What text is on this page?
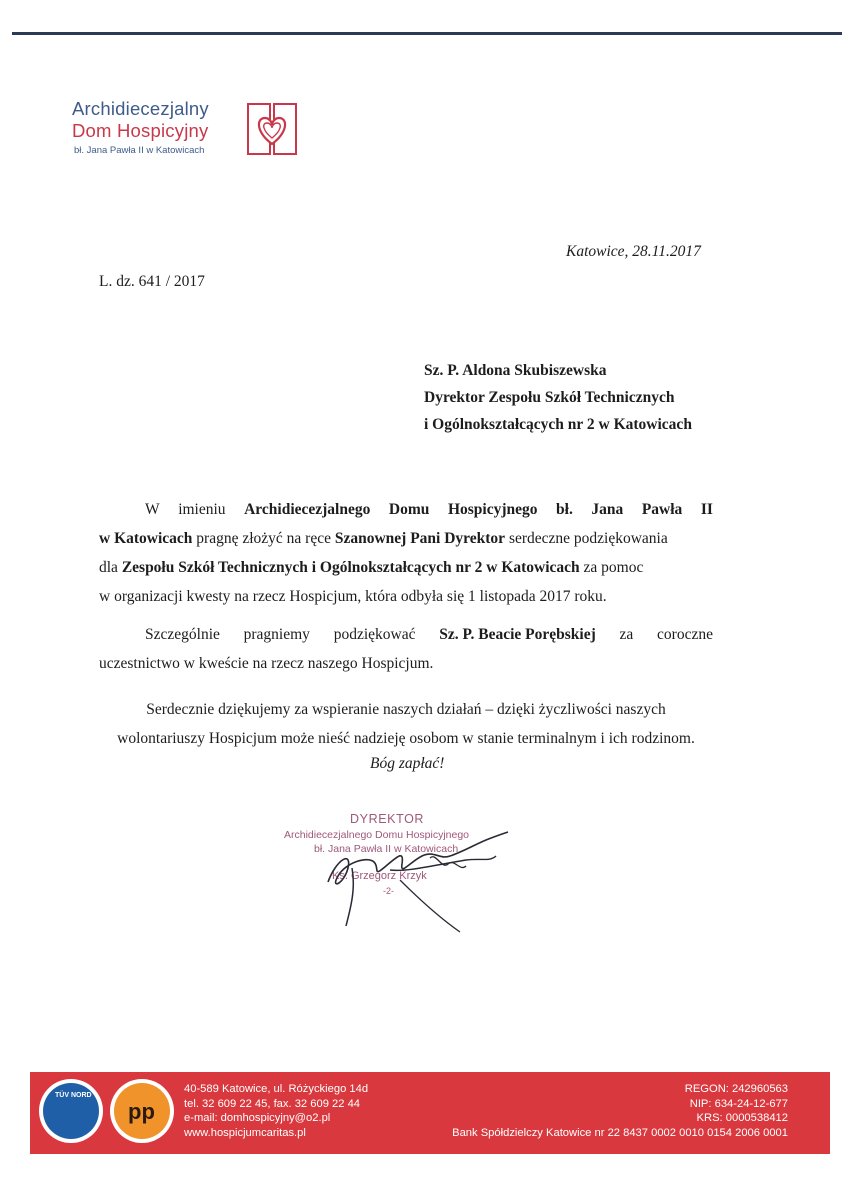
Archidiecezjalny
Dom Hospicyjny
bł. Jana Pawła II w Katowicach
Katowice, 28.11.2017
L. dz. 641 / 2017
Sz. P. Aldona Skubiszewska
Dyrektor Zespołu Szkół Technicznych
i Ogólnokształcących nr 2 w Katowicach
W imieniu Archidiecezjalnego Domu Hospicyjnego bł. Jana Pawła II
w Katowicach pragnę złożyć na ręce Szanownej Pani Dyrektor serdeczne podziękowania
dla Zespołu Szkół Technicznych i Ogólnokształcących nr 2 w Katowicach za pomoc
w organizacji kwesty na rzecz Hospicjum, która odbyła się 1 listopada 2017 roku.
Szczególnie pragniemy podziękować Sz. P. Beacie Porębskiej za coroczne
uczestnictwo w kweście na rzecz naszego Hospicjum.
Serdecznie dziękujemy za wspieranie naszych działań – dzięki życzliwości naszych
wolontariuszy Hospicjum może nieść nadzieję osobom w stanie terminalnym i ich rodzinom.
Bóg zapłać!
DYREKTOR
Archidiecezjalnego Domu Hospicyjnego
bł. Jana Pawła II w Katowicach
Ks. Grzegorz Krzyk
-2-
TÜV NORD
pp
40-589 Katowice, ul. Różyckiego 14d
tel. 32 609 22 45, fax. 32 609 22 44
e-mail: domhospicyjny@o2.pl
www.hospicjumcaritas.pl
REGON: 242960563
NIP: 634-24-12-677
KRS: 0000538412
Bank Spółdzielczy Katowice nr 22 8437 0002 0010 0154 2006 0001
